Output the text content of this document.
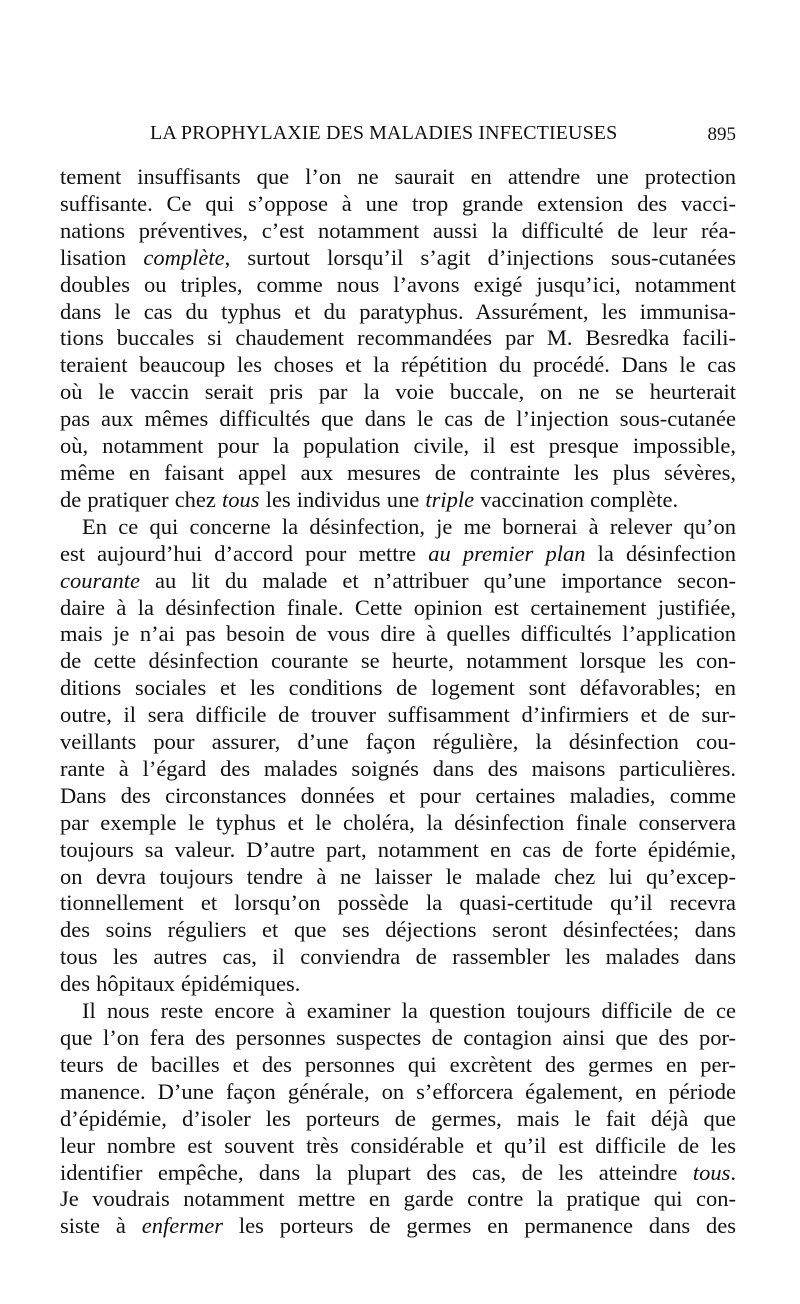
LA PROPHYLAXIE DES MALADIES INFECTIEUSES	895
tement insuffisants que l’on ne saurait en attendre une protection
suffisante. Ce qui s’oppose à une trop grande extension des vacci-
nations préventives, c’est notamment aussi la difficulté de leur réa-
lisation complète, surtout lorsqu’il s’agit d’injections sous-cutanées
doubles ou triples, comme nous l’avons exigé jusqu’ici, notamment
dans le cas du typhus et du paratyphus. Assurément, les immunisa-
tions buccales si chaudement recommandées par M. Besredka facili-
teraient beaucoup les choses et la répétition du procédé. Dans le cas
où le vaccin serait pris par la voie buccale, on ne se heurterait
pas aux mêmes difficultés que dans le cas de l’injection sous-cutanée
où, notamment pour la population civile, il est presque impossible,
même en faisant appel aux mesures de contrainte les plus sévères,
de pratiquer chez tous les individus une triple vaccination complète.
En ce qui concerne la désinfection, je me bornerai à relever qu’on
est aujourd’hui d’accord pour mettre au premier plan la désinfection
courante au lit du malade et n’attribuer qu’une importance secon-
daire à la désinfection finale. Cette opinion est certainement justifiée,
mais je n’ai pas besoin de vous dire à quelles difficultés l’application
de cette désinfection courante se heurte, notamment lorsque les con-
ditions sociales et les conditions de logement sont défavorables; en
outre, il sera difficile de trouver suffisamment d’infirmiers et de sur-
veillants pour assurer, d’une façon régulière, la désinfection cou-
rante à l’égard des malades soignés dans des maisons particulières.
Dans des circonstances données et pour certaines maladies, comme
par exemple le typhus et le choléra, la désinfection finale conservera
toujours sa valeur. D’autre part, notamment en cas de forte épidémie,
on devra toujours tendre à ne laisser le malade chez lui qu’excep-
tionnellement et lorsqu’on possède la quasi-certitude qu’il recevra
des soins réguliers et que ses déjections seront désinfectées; dans
tous les autres cas, il conviendra de rassembler les malades dans
des hôpitaux épidémiques.
Il nous reste encore à examiner la question toujours difficile de ce
que l’on fera des personnes suspectes de contagion ainsi que des por-
teurs de bacilles et des personnes qui excrètent des germes en per-
manence. D’une façon générale, on s’efforcera également, en période
d’épidémie, d’isoler les porteurs de germes, mais le fait déjà que
leur nombre est souvent très considérable et qu’il est difficile de les
identifier empêche, dans la plupart des cas, de les atteindre tous.
Je voudrais notamment mettre en garde contre la pratique qui con-
siste à enfermer les porteurs de germes en permanence dans des
